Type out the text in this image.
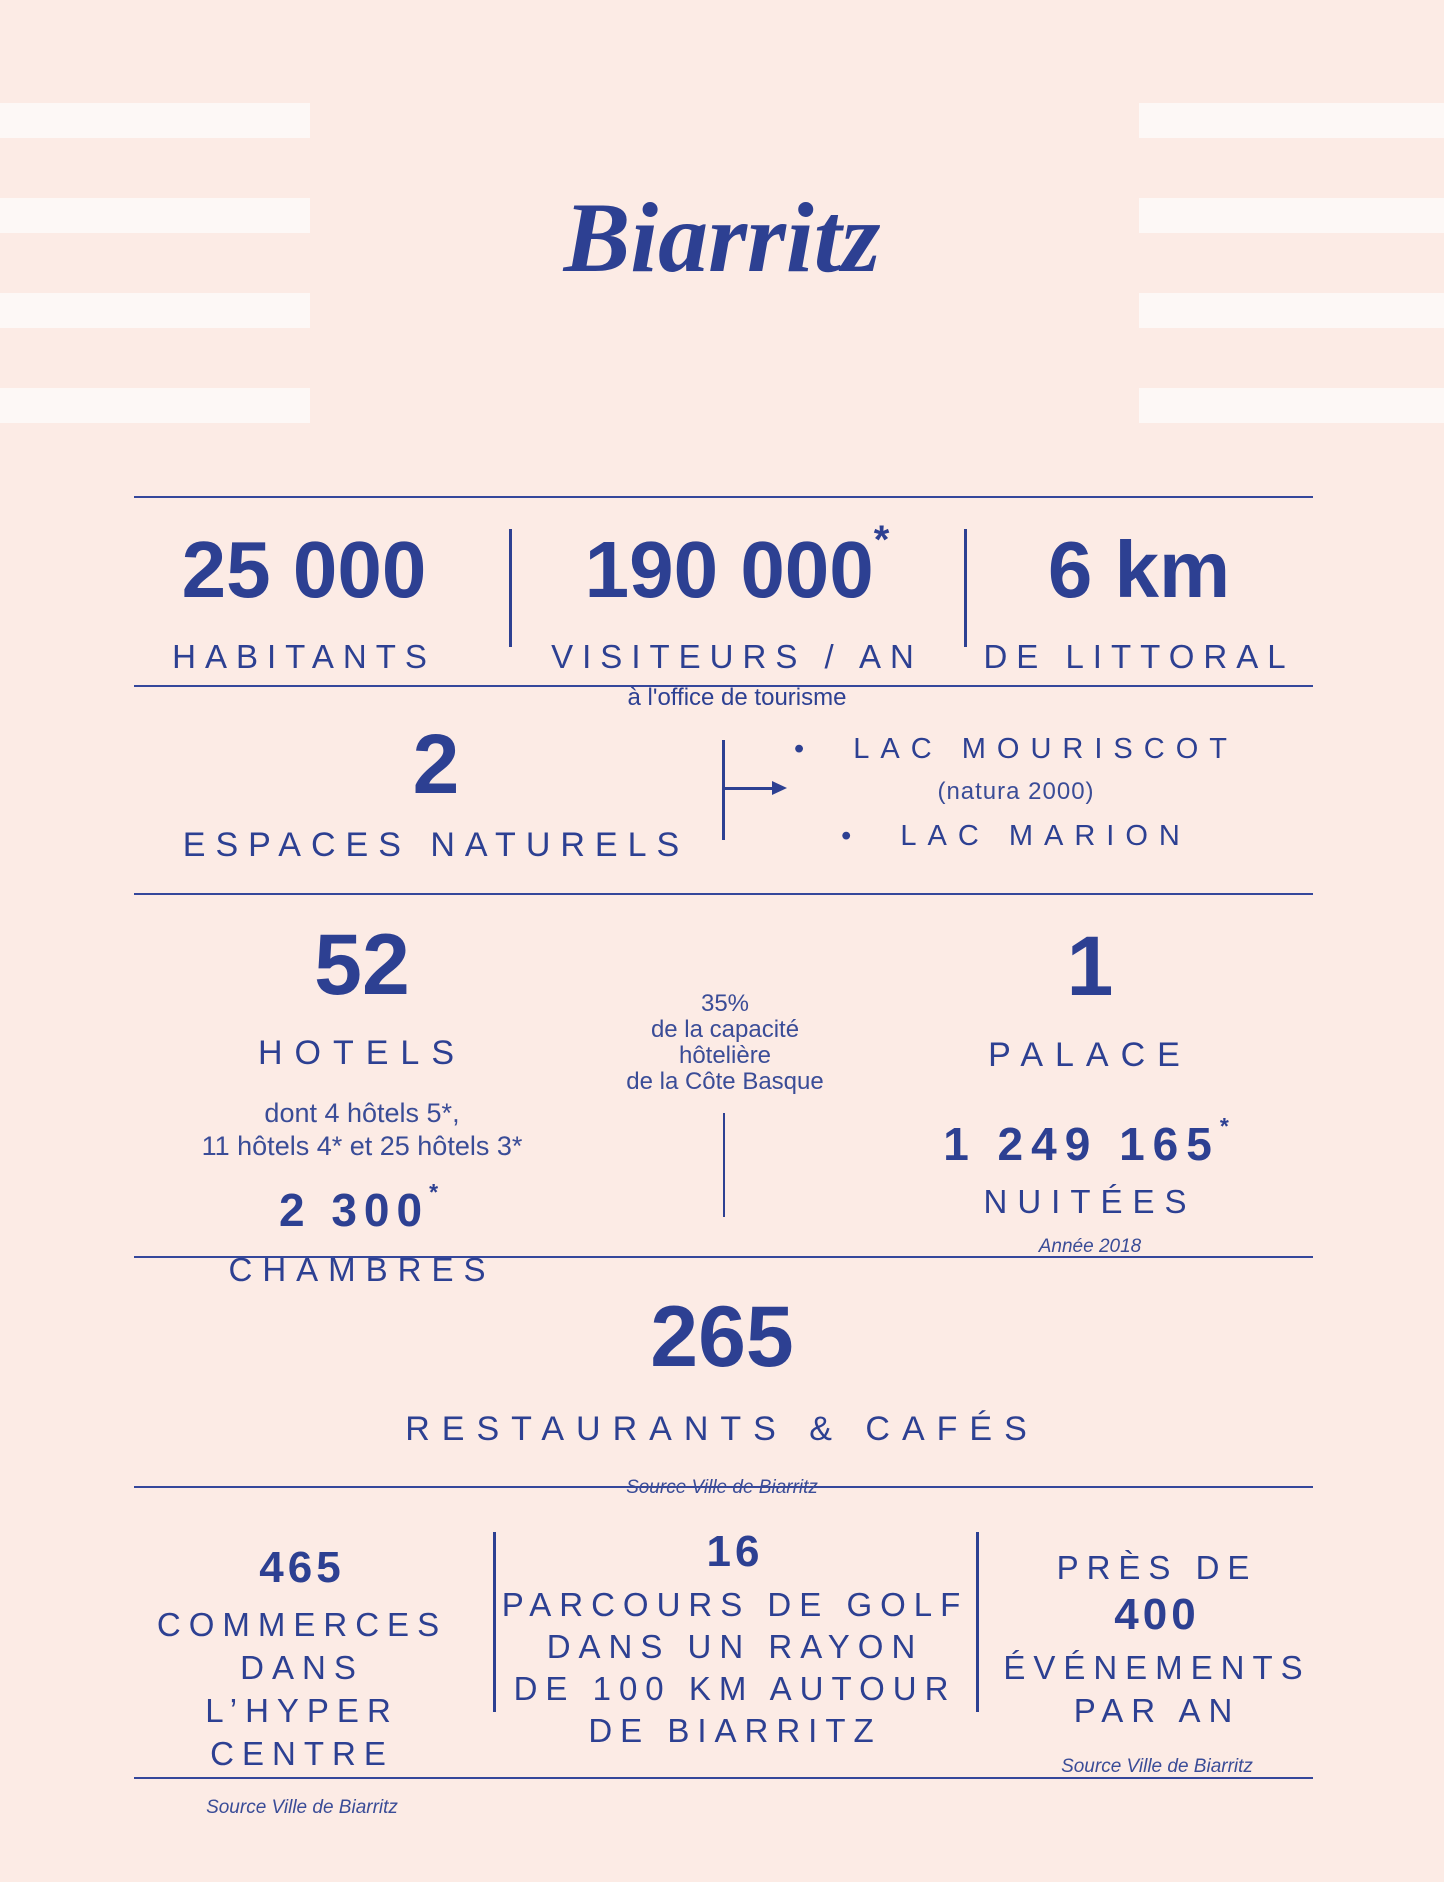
Biarritz
25 000
HABITANTS
190 000*
VISITEURS / AN
à l'office de tourisme
6 km
DE LITTORAL
2
ESPACES NATURELS
• LAC MOURISCOT
(natura 2000)
• LAC MARION
52
HOTELS
dont 4 hôtels 5*,
11 hôtels 4* et 25 hôtels 3*
2 300*
CHAMBRES
35%
de la capacité
hôtelière
de la Côte Basque
1
PALACE
1 249 165*
NUITÉES
Année 2018
265
RESTAURANTS & CAFÉS
Source Ville de Biarritz
465
COMMERCES
DANS
L’HYPER CENTRE
Source Ville de Biarritz
16
PARCOURS DE GOLF
DANS UN RAYON
DE 100 KM AUTOUR
DE BIARRITZ
PRÈS DE
400
ÉVÉNEMENTS
PAR AN
Source Ville de Biarritz
